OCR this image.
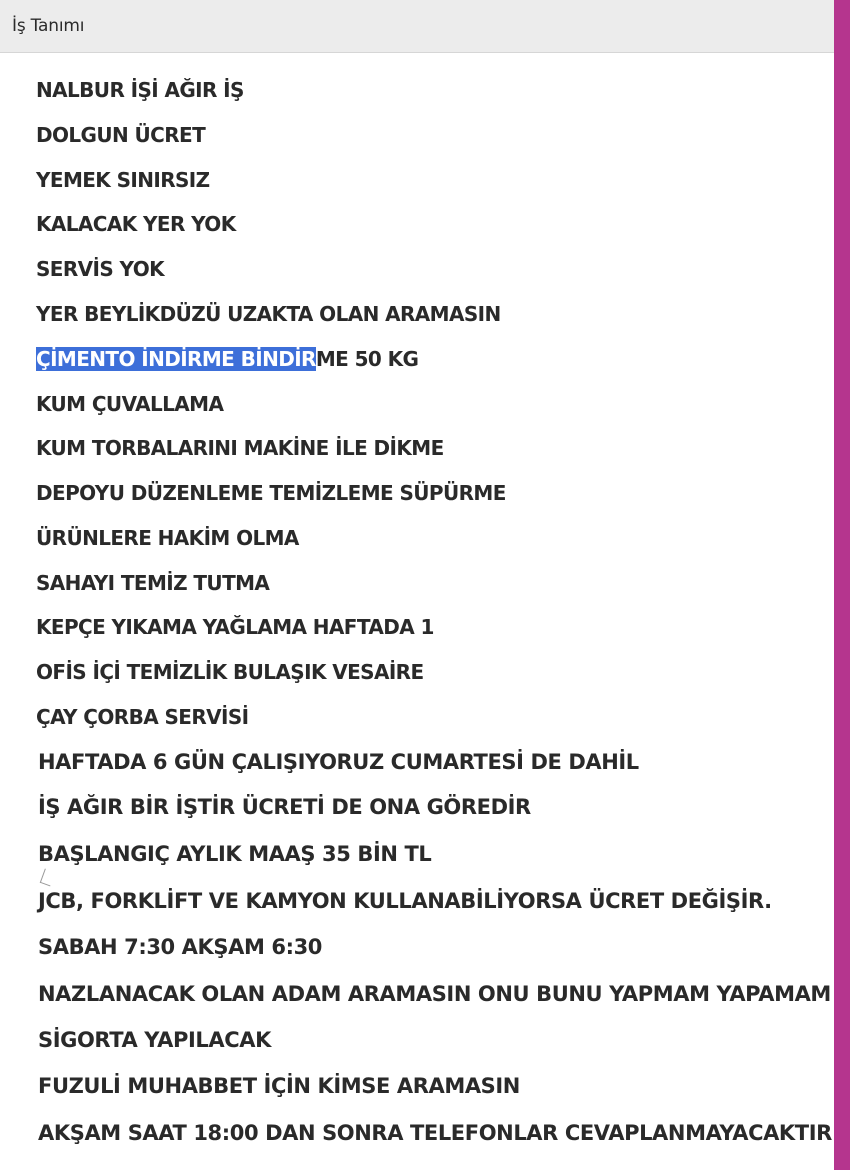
İş Tanımı
NALBUR İŞİ AĞIR İŞ
DOLGUN ÜCRET
YEMEK SINIRSIZ
KALACAK YER YOK
SERVİS YOK
YER BEYLİKDÜZÜ UZAKTA OLAN ARAMASIN
ÇİMENTO İNDİRME BİNDİRME 50 KG
KUM ÇUVALLAMA
KUM TORBALARINI MAKİNE İLE DİKME
DEPOYU DÜZENLEME TEMİZLEME SÜPÜRME
ÜRÜNLERE HAKİM OLMA
SAHAYI TEMİZ TUTMA
KEPÇE YIKAMA YAĞLAMA HAFTADA 1
OFİS İÇİ TEMİZLİK BULAŞIK VESAİRE
ÇAY ÇORBA SERVİSİ
HAFTADA 6 GÜN ÇALIŞIYORUZ CUMARTESİ DE DAHİL
İŞ AĞIR BİR İŞTİR ÜCRETİ DE ONA GÖREDİR
BAŞLANGIÇ AYLIK MAAŞ 35 BİN TL
JCB, FORKLİFT VE KAMYON KULLANABİLİYORSA ÜCRET DEĞİŞİR.
SABAH 7:30 AKŞAM 6:30
NAZLANACAK OLAN ADAM ARAMASIN ONU BUNU YAPMAM YAPAMAM
SİGORTA YAPILACAK
FUZULİ MUHABBET İÇİN KİMSE ARAMASIN
AKŞAM SAAT 18:00 DAN SONRA TELEFONLAR CEVAPLANMAYACAKTIR
